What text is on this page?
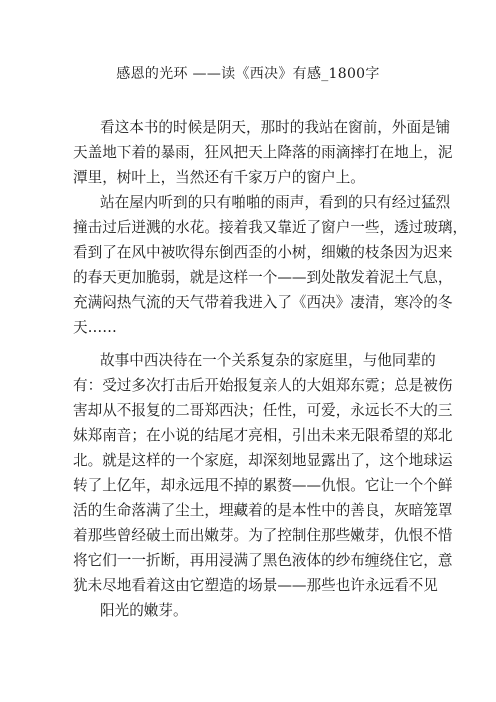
感恩的光环 ——读《西决》有感_1800字
看这本书的时候是阴天，那时的我站在窗前，外面是铺
天盖地下着的暴雨，狂风把天上降落的雨滴摔打在地上，泥
潭里，树叶上，当然还有千家万户的窗户上。
站在屋内听到的只有啪啪的雨声，看到的只有经过猛烈
撞击过后迸溅的水花。接着我又靠近了窗户一些，透过玻璃，
看到了在风中被吹得东倒西歪的小树，细嫩的枝条因为迟来
的春天更加脆弱，就是这样一个——到处散发着泥土气息，
充满闷热气流的天气带着我进入了《西决》凄清，寒冷的冬
天……
故事中西决待在一个关系复杂的家庭里，与他同辈的
有：受过多次打击后开始报复亲人的大姐郑东霓；总是被伤
害却从不报复的二哥郑西決；任性，可爱，永远长不大的三
妹郑南音；在小说的结尾才亮相，引出未来无限希望的郑北
北。就是这样的一个家庭，却深刻地显露出了，这个地球运
转了上亿年，却永远甩不掉的累赘——仇恨。它让一个个鲜
活的生命落满了尘土，埋藏着的是本性中的善良，灰暗笼罩
着那些曾经破土而出嫩芽。为了控制住那些嫩芽，仇恨不惜
将它们一一折断，再用浸满了黑色液体的纱布缠绕住它，意
犹未尽地看着这由它塑造的场景——那些也许永远看不见
阳光的嫩芽。
